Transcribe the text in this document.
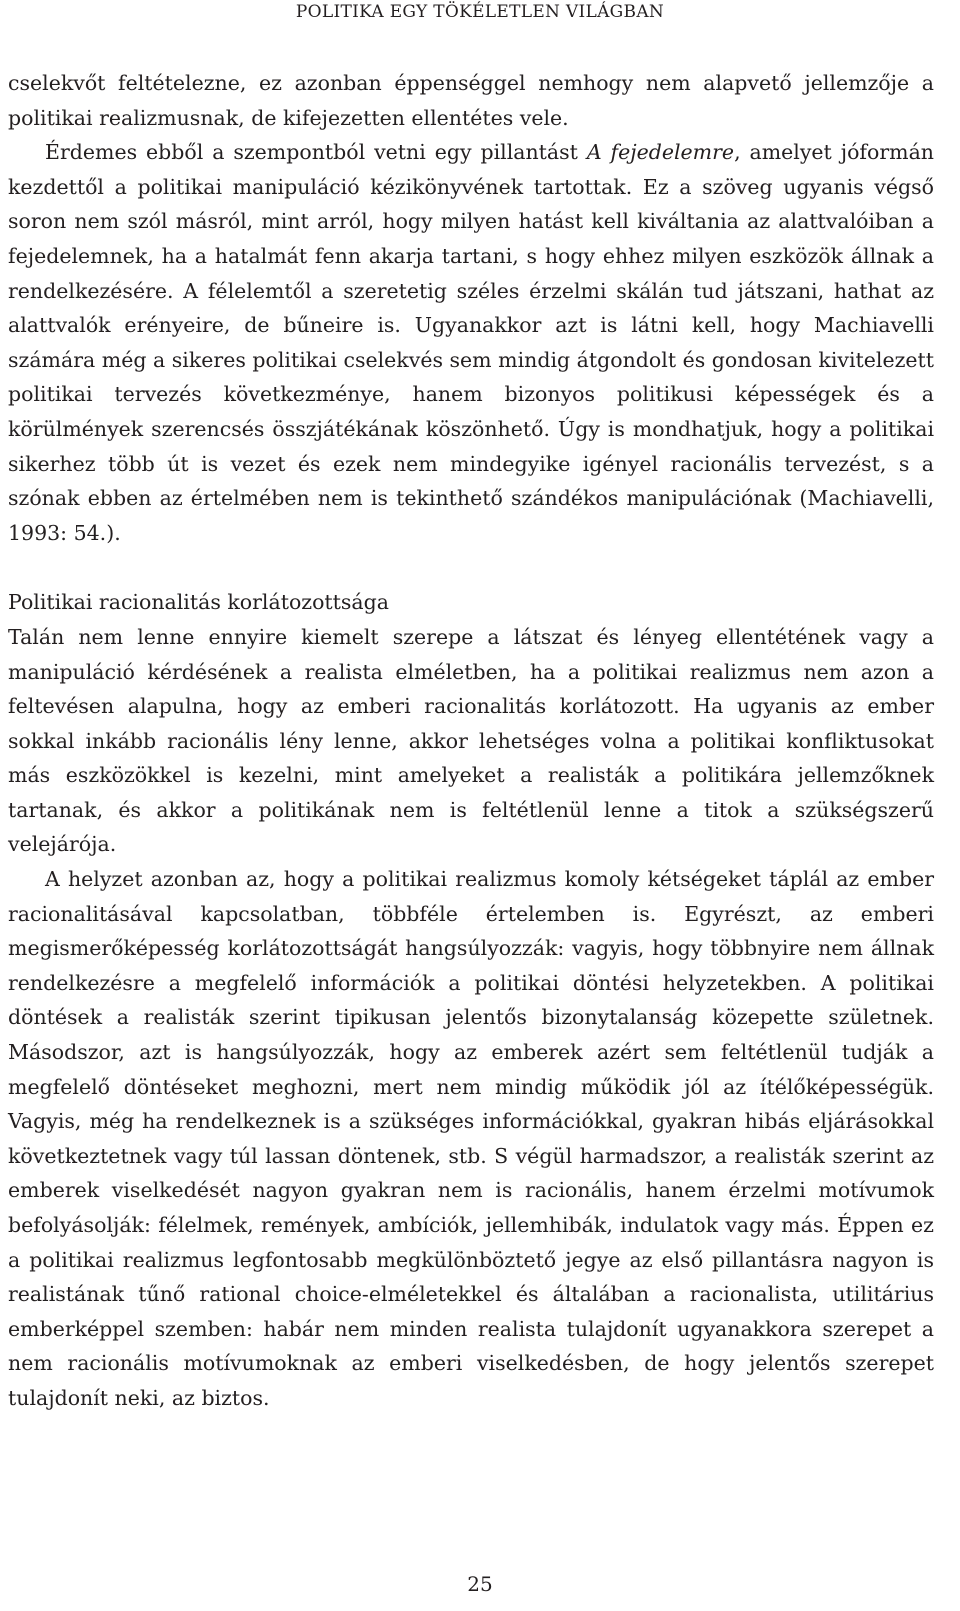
POLITIKA EGY TÖKÉLETLEN VILÁGBAN

cselekvőt feltételezne, ez azonban éppenséggel nemhogy nem alapvető jellemzője a politikai realizmusnak, de kifejezetten ellentétes vele.

Érdemes ebből a szempontból vetni egy pillantást A fejedelemre, amelyet jóformán kezdettől a politikai manipuláció kézikönyvének tartottak. Ez a szöveg ugyanis végső soron nem szól másról, mint arról, hogy milyen hatást kell kiváltania az alattvalóiban a fejedelemnek, ha a hatalmát fenn akarja tartani, s hogy ehhez milyen eszközök állnak a rendelkezésére. A félelemtől a szeretetig széles érzelmi skálán tud játszani, hathat az alattvalók erényeire, de bűneire is. Ugyanakkor azt is látni kell, hogy Machiavelli számára még a sikeres politikai cselekvés sem mindig átgondolt és gondosan kivitelezett politikai tervezés következménye, hanem bizonyos politikusi képességek és a körülmények szerencsés összjátékának köszönhető. Úgy is mondhatjuk, hogy a politikai sikerhez több út is vezet és ezek nem mindegyike igényel racionális tervezést, s a szónak ebben az értelmében nem is tekinthető szándékos manipulációnak (Machiavelli, 1993: 54.).

Politikai racionalitás korlátozottsága

Talán nem lenne ennyire kiemelt szerepe a látszat és lényeg ellentétének vagy a manipuláció kérdésének a realista elméletben, ha a politikai realizmus nem azon a feltevésen alapulna, hogy az emberi racionalitás korlátozott. Ha ugyanis az ember sokkal inkább racionális lény lenne, akkor lehetséges volna a politikai konfliktusokat más eszközökkel is kezelni, mint amelyeket a realisták a politikára jellemzőknek tartanak, és akkor a politikának nem is feltétlenül lenne a titok a szükségszerű velejárója.

A helyzet azonban az, hogy a politikai realizmus komoly kétségeket táplál az ember racionalitásával kapcsolatban, többféle értelemben is. Egyrészt, az emberi megismerőképesség korlátozottságát hangsúlyozzák: vagyis, hogy többnyire nem állnak rendelkezésre a megfelelő információk a politikai döntési helyzetekben. A politikai döntések a realisták szerint tipikusan jelentős bizonytalanság közepette születnek. Másodszor, azt is hangsúlyozzák, hogy az emberek azért sem feltétlenül tudják a megfelelő döntéseket meghozni, mert nem mindig működik jól az ítélőképességük. Vagyis, még ha rendelkeznek is a szükséges információkkal, gyakran hibás eljárásokkal következtetnek vagy túl lassan döntenek, stb. S végül harmadszor, a realisták szerint az emberek viselkedését nagyon gyakran nem is racionális, hanem érzelmi motívumok befolyásolják: félelmek, remények, ambíciók, jellemhibák, indulatok vagy más. Éppen ez a politikai realizmus legfontosabb megkülönböztető jegye az első pillantásra nagyon is realistának tűnő rational choice-elméletekkel és általában a racionalista, utilitárius emberképpel szemben: habár nem minden realista tulajdonít ugyanakkora szerepet a nem racionális motívumoknak az emberi viselkedésben, de hogy jelentős szerepet tulajdonít neki, az biztos.

25
